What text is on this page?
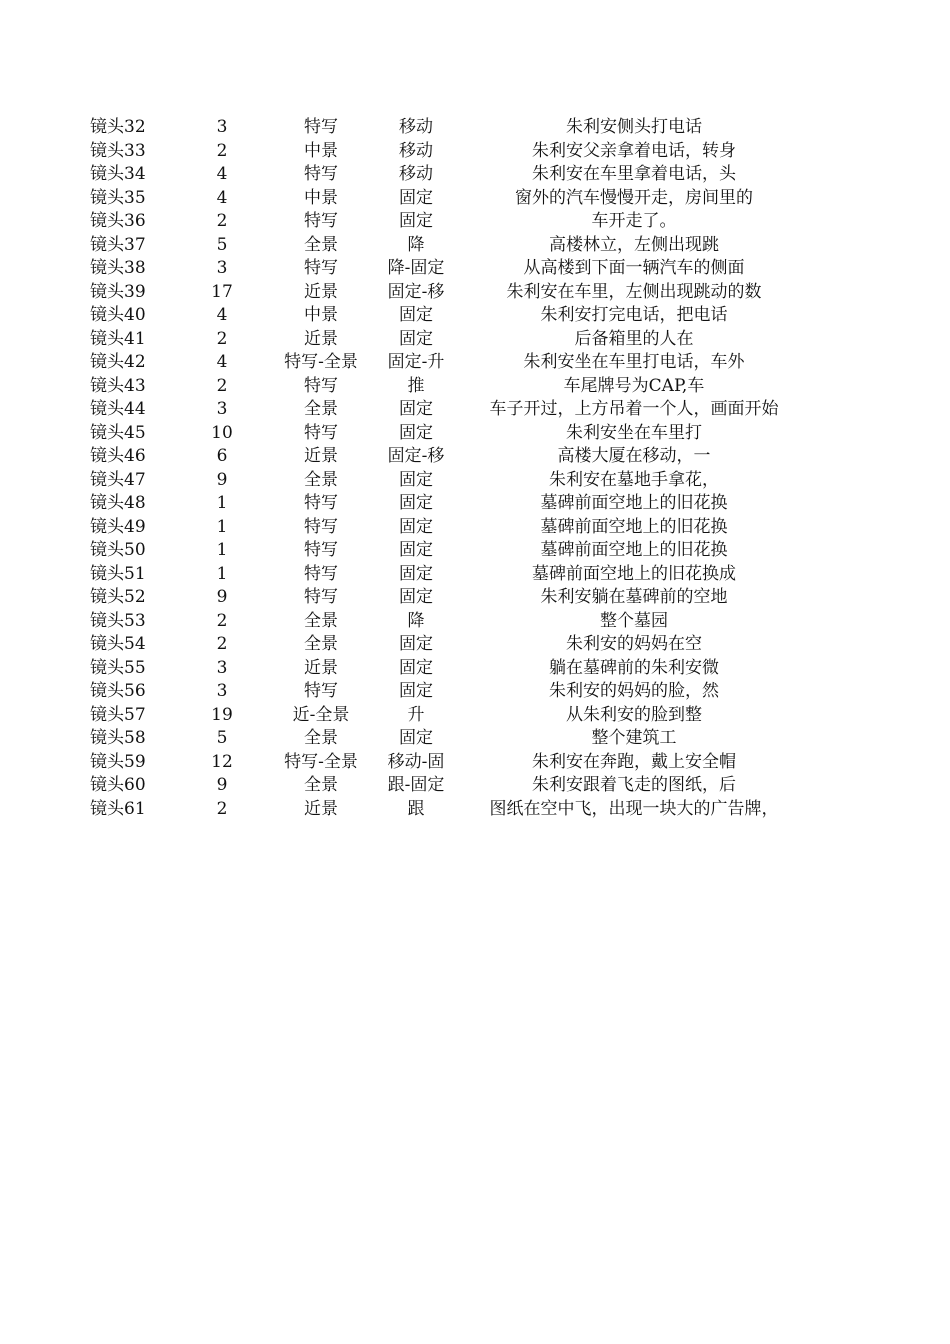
镜头32	3	特写	移动	朱利安侧头打电话
镜头33	2	中景	移动	朱利安父亲拿着电话，转身
镜头34	4	特写	移动	朱利安在车里拿着电话，头
镜头35	4	中景	固定	窗外的汽车慢慢开走，房间里的
镜头36	2	特写	固定	车开走了。
镜头37	5	全景	降	高楼林立，左侧出现跳
镜头38	3	特写	降-固定	从高楼到下面一辆汽车的侧面
镜头39	17	近景	固定-移	朱利安在车里，左侧出现跳动的数
镜头40	4	中景	固定	朱利安打完电话，把电话
镜头41	2	近景	固定	后备箱里的人在
镜头42	4	特写-全景	固定-升	朱利安坐在车里打电话，车外
镜头43	2	特写	推	车尾牌号为CAP,车
镜头44	3	全景	固定	车子开过，上方吊着一个人，画面开始
镜头45	10	特写	固定	朱利安坐在车里打
镜头46	6	近景	固定-移	高楼大厦在移动，一
镜头47	9	全景	固定	朱利安在墓地手拿花，
镜头48	1	特写	固定	墓碑前面空地上的旧花换
镜头49	1	特写	固定	墓碑前面空地上的旧花换
镜头50	1	特写	固定	墓碑前面空地上的旧花换
镜头51	1	特写	固定	墓碑前面空地上的旧花换成
镜头52	9	特写	固定	朱利安躺在墓碑前的空地
镜头53	2	全景	降	整个墓园
镜头54	2	全景	固定	朱利安的妈妈在空
镜头55	3	近景	固定	躺在墓碑前的朱利安微
镜头56	3	特写	固定	朱利安的妈妈的脸，然
镜头57	19	近-全景	升	从朱利安的脸到整
镜头58	5	全景	固定	整个建筑工
镜头59	12	特写-全景	移动-固	朱利安在奔跑，戴上安全帽
镜头60	9	全景	跟-固定	朱利安跟着飞走的图纸，后
镜头61	2	近景	跟	图纸在空中飞，出现一块大的广告牌，
